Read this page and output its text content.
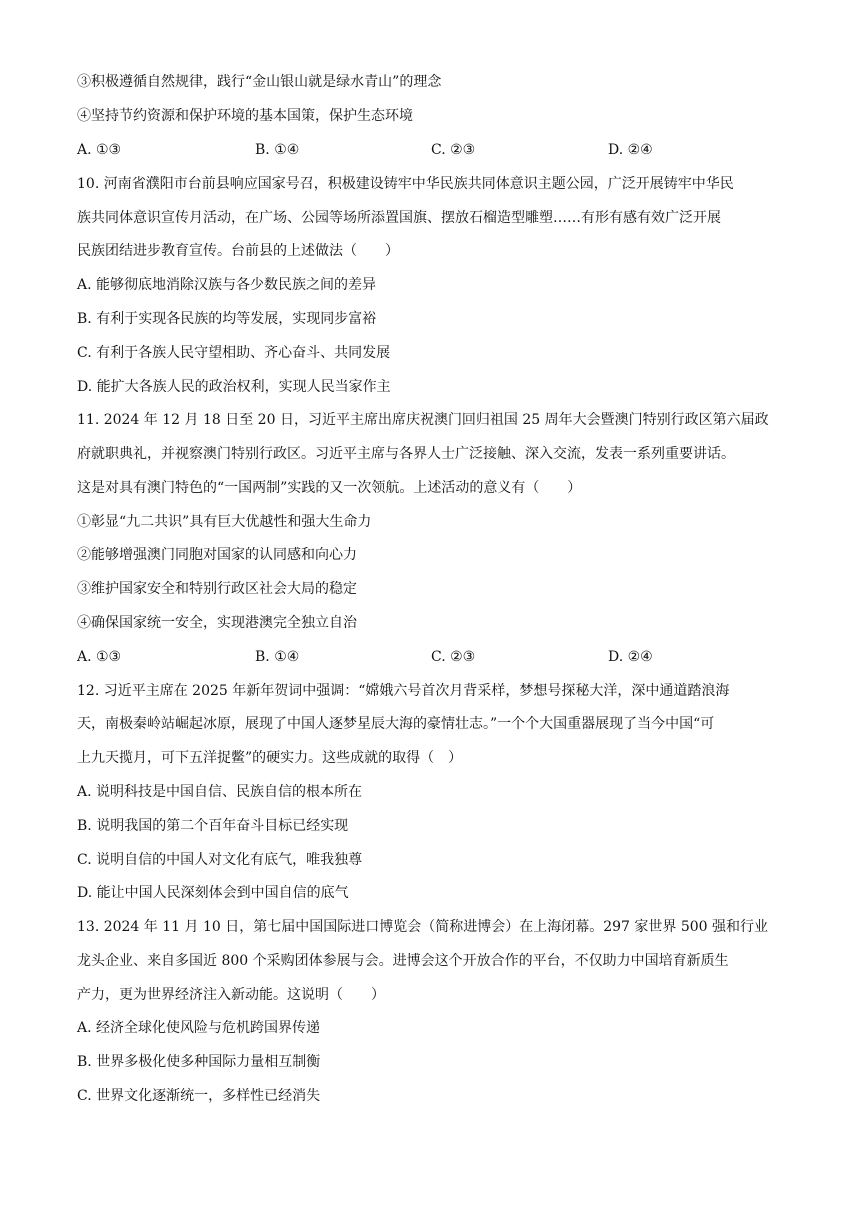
③积极遵循自然规律，践行“金山银山就是绿水青山”的理念
④坚持节约资源和保护环境的基本国策，保护生态环境
A. ①③	B. ①④	C. ②③	D. ②④
10. 河南省濮阳市台前县响应国家号召，积极建设铸牢中华民族共同体意识主题公园，广泛开展铸牢中华民
族共同体意识宣传月活动，在广场、公园等场所添置国旗、摆放石榴造型雕塑……有形有感有效广泛开展
民族团结进步教育宣传。台前县的上述做法（　　）
A. 能够彻底地消除汉族与各少数民族之间的差异
B. 有利于实现各民族的均等发展，实现同步富裕
C. 有利于各族人民守望相助、齐心奋斗、共同发展
D. 能扩大各族人民的政治权利，实现人民当家作主
11. 2024 年 12 月 18 日至 20 日，习近平主席出席庆祝澳门回归祖国 25 周年大会暨澳门特别行政区第六届政
府就职典礼，并视察澳门特别行政区。习近平主席与各界人士广泛接触、深入交流，发表一系列重要讲话。
这是对具有澳门特色的“一国两制”实践的又一次领航。上述活动的意义有（　　）
①彰显“九二共识”具有巨大优越性和强大生命力
②能够增强澳门同胞对国家的认同感和向心力
③维护国家安全和特别行政区社会大局的稳定
④确保国家统一安全，实现港澳完全独立自治
A. ①③	B. ①④	C. ②③	D. ②④
12. 习近平主席在 2025 年新年贺词中强调：“嫦娥六号首次月背采样，梦想号探秘大洋，深中通道踏浪海
天，南极秦岭站崛起冰原，展现了中国人逐梦星辰大海的豪情壮志。”一个个大国重器展现了当今中国“可
上九天揽月，可下五洋捉鳖”的硬实力。这些成就的取得（　）
A. 说明科技是中国自信、民族自信的根本所在
B. 说明我国的第二个百年奋斗目标已经实现
C. 说明自信的中国人对文化有底气，唯我独尊
D. 能让中国人民深刻体会到中国自信的底气
13. 2024 年 11 月 10 日，第七届中国国际进口博览会（简称进博会）在上海闭幕。297 家世界 500 强和行业
龙头企业、来自多国近 800 个采购团体参展与会。进博会这个开放合作的平台，不仅助力中国培育新质生
产力，更为世界经济注入新动能。这说明（　　）
A. 经济全球化使风险与危机跨国界传递
B. 世界多极化使多种国际力量相互制衡
C. 世界文化逐渐统一，多样性已经消失
